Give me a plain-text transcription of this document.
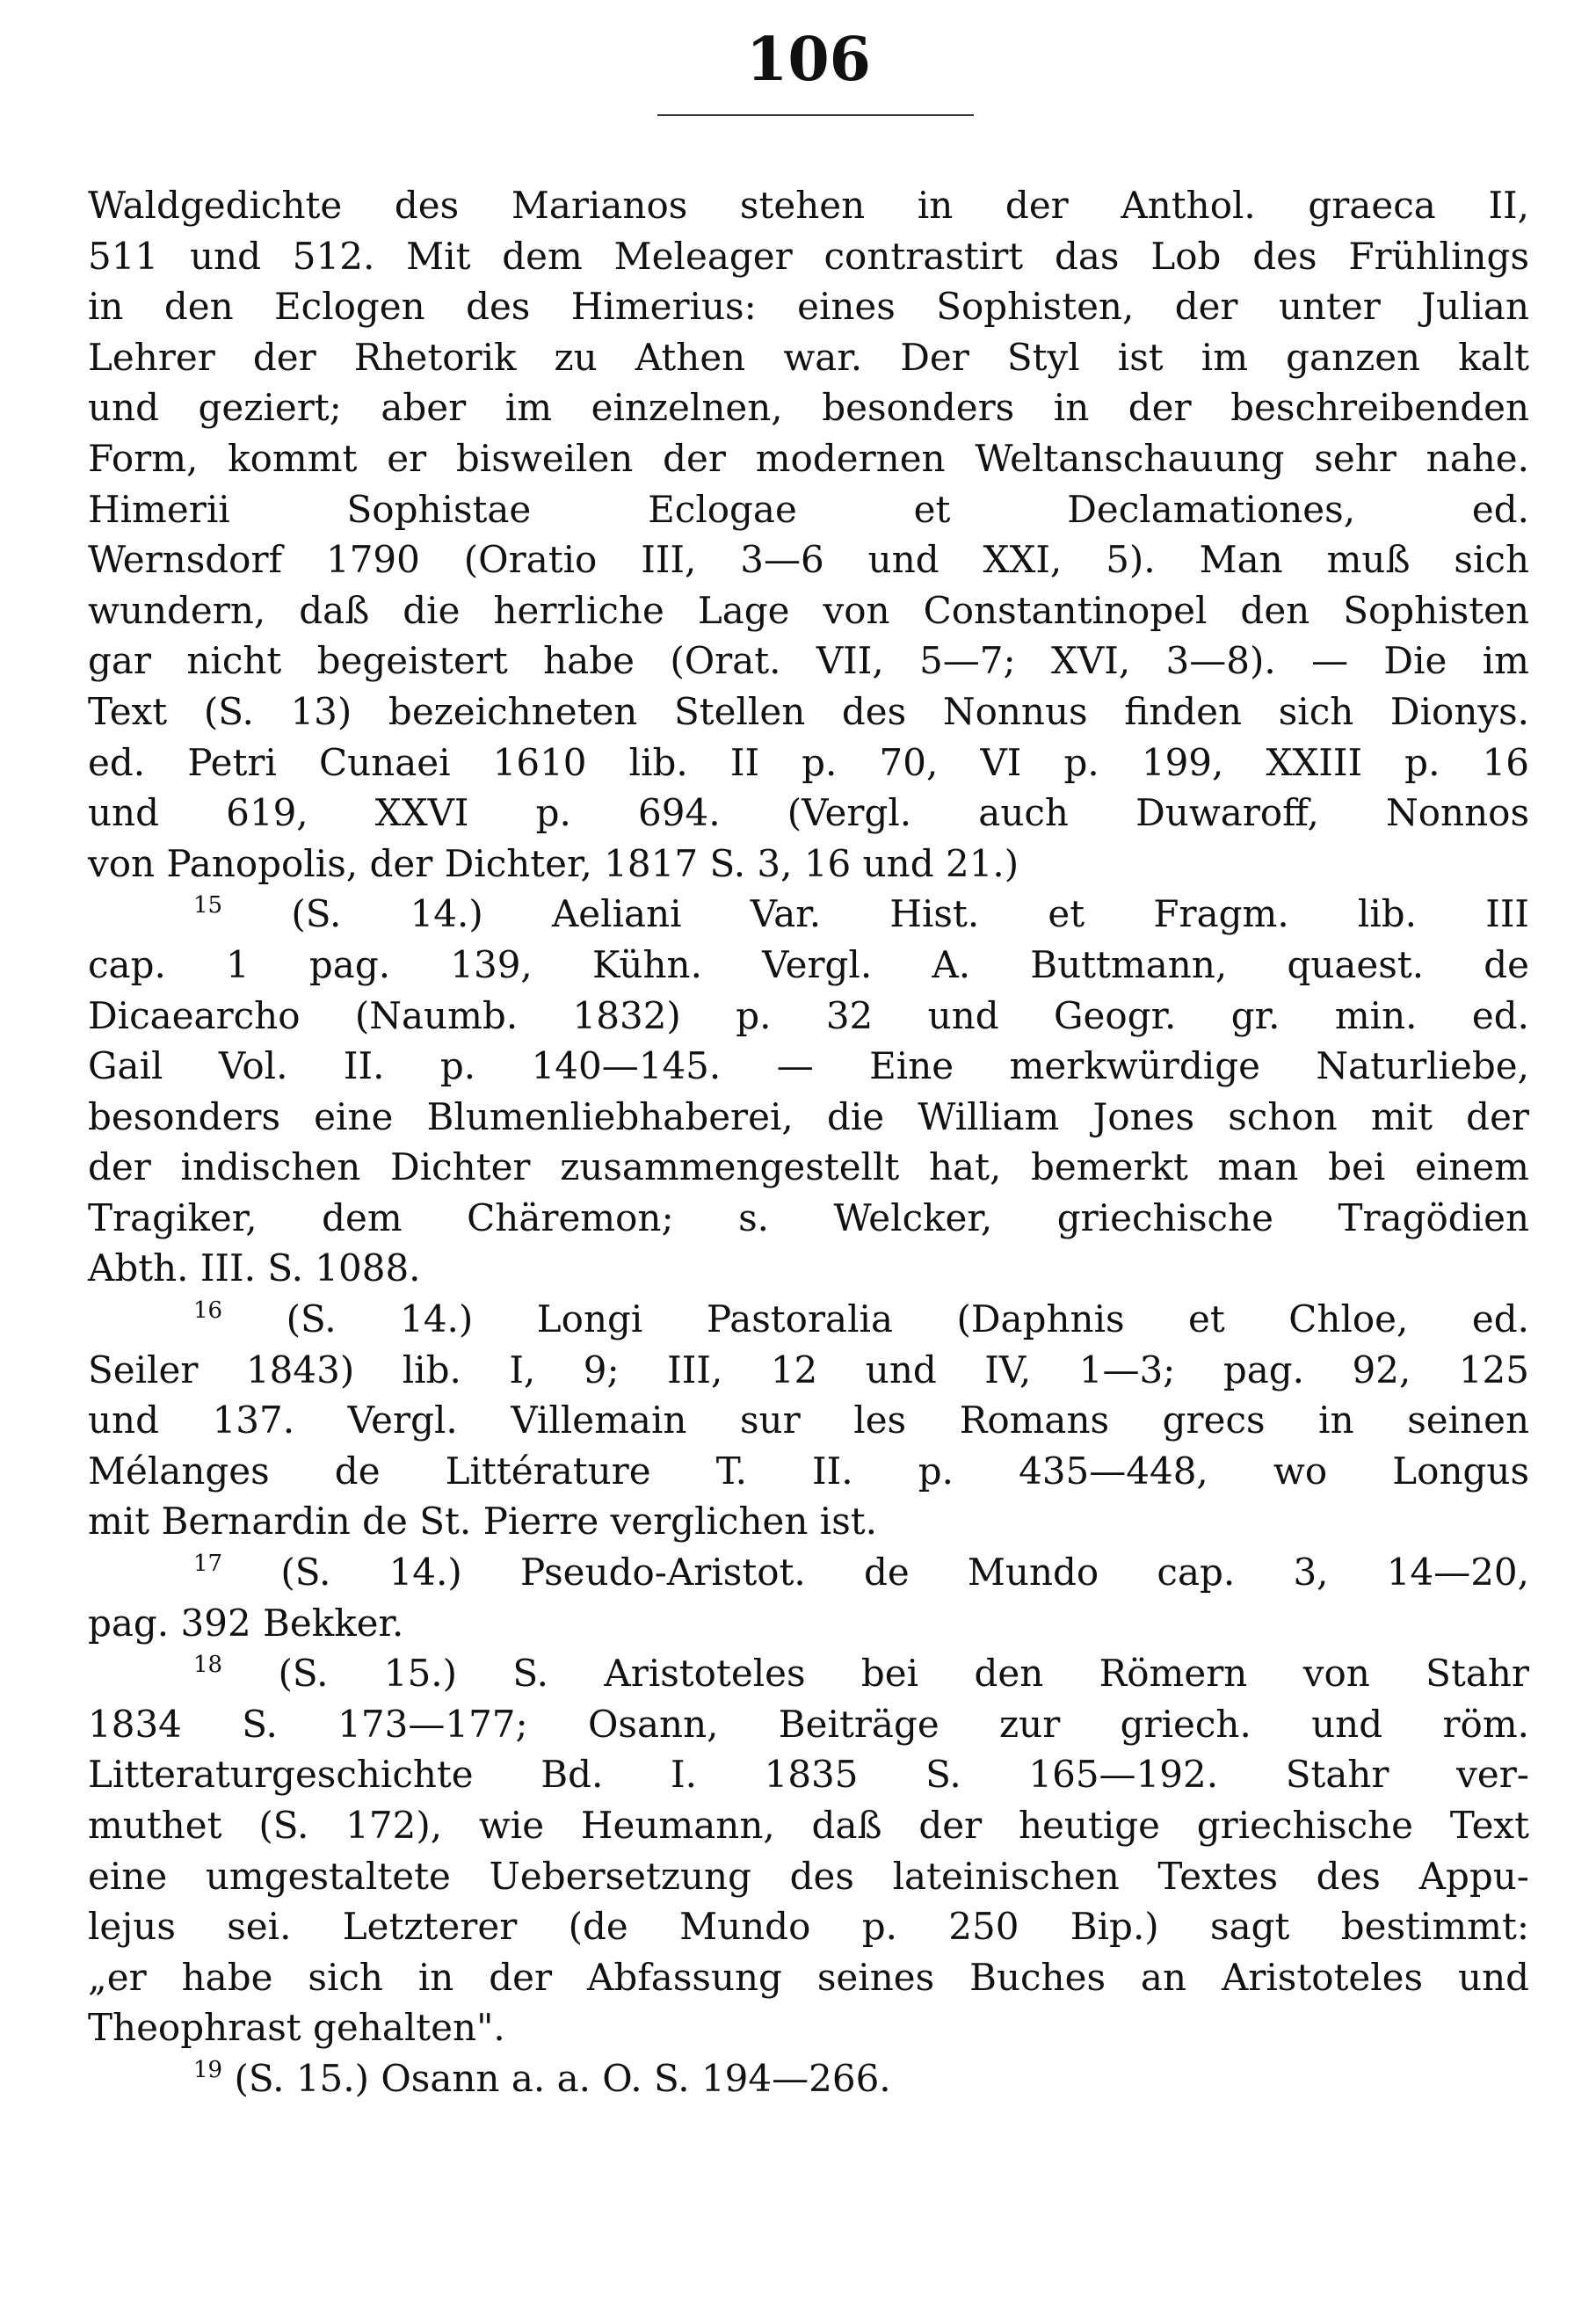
106

Waldgedichte des Marianos stehen in der Anthol. graeca II,
511 und 512. Mit dem Meleager contrastirt das Lob des Frühlings
in den Eclogen des Himerius: eines Sophisten, der unter Julian
Lehrer der Rhetorik zu Athen war. Der Styl ist im ganzen kalt
und geziert; aber im einzelnen, besonders in der beschreibenden
Form, kommt er bisweilen der modernen Weltanschauung sehr nahe.
Himerii Sophistae Eclogae et Declamationes, ed.
Wernsdorf 1790 (Oratio III, 3—6 und XXI, 5). Man muß sich
wundern, daß die herrliche Lage von Constantinopel den Sophisten
gar nicht begeistert habe (Orat. VII, 5—7; XVI, 3—8). — Die im
Text (S. 13) bezeichneten Stellen des Nonnus finden sich Dionys.
ed. Petri Cunaei 1610 lib. II p. 70, VI p. 199, XXIII p. 16
und 619, XXVI p. 694. (Vergl. auch Duwaroff, Nonnos
von Panopolis, der Dichter, 1817 S. 3, 16 und 21.)

$^{15}$ (S. 14.) Aeliani Var. Hist. et Fragm. lib. III
cap. 1 pag. 139, Kühn. Vergl. A. Buttmann, quaest. de
Dicaearcho (Naumb. 1832) p. 32 und Geogr. gr. min. ed.
Gail Vol. II. p. 140—145. — Eine merkwürdige Naturliebe,
besonders eine Blumenliebhaberei, die William Jones schon mit der
der indischen Dichter zusammengestellt hat, bemerkt man bei einem
Tragiker, dem Chäremon; s. Welcker, griechische Tragödien
Abth. III. S. 1088.

$^{16}$ (S. 14.) Longi Pastoralia (Daphnis et Chloe, ed.
Seiler 1843) lib. I, 9; III, 12 und IV, 1—3; pag. 92, 125
und 137. Vergl. Villemain sur les Romans grecs in seinen
Mélanges de Littérature T. II. p. 435—448, wo Longus
mit Bernardin de St. Pierre verglichen ist.

$^{17}$ (S. 14.) Pseudo-Aristot. de Mundo cap. 3, 14—20,
pag. 392 Bekker.

$^{18}$ (S. 15.) S. Aristoteles bei den Römern von Stahr
1834 S. 173—177; Osann, Beiträge zur griech. und röm.
Litteraturgeschichte Bd. I. 1835 S. 165—192. Stahr ver-
muthet (S. 172), wie Heumann, daß der heutige griechische Text
eine umgestaltete Uebersetzung des lateinischen Textes des Appu-
lejus sei. Letzterer (de Mundo p. 250 Bip.) sagt bestimmt:
„er habe sich in der Abfassung seines Buches an Aristoteles und
Theophrast gehalten".

$^{19}$ (S. 15.) Osann a. a. O. S. 194—266.
